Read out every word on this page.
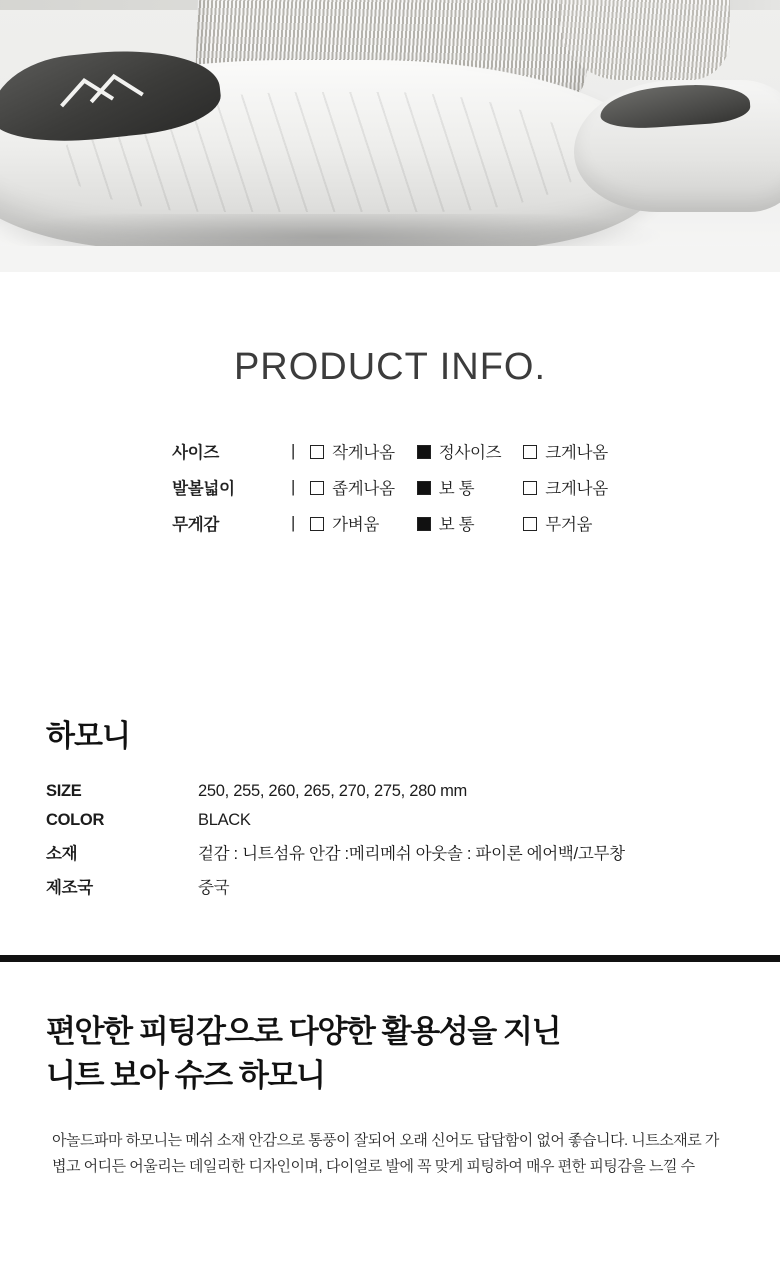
PRODUCT INFO.
사이즈	|	작게나옴	정사이즈	크게나옴
발볼넓이	|	좁게나옴	보 통	크게나옴
무게감	|	가벼움	보 통	무거움
하모니
SIZE	250, 255, 260, 265, 270, 275, 280 mm
COLOR	BLACK
소재	겉감 : 니트섬유 안감 :메리메쉬 아웃솔 : 파이론 에어백/고무창
제조국	중국
편안한 피팅감으로 다양한 활용성을 지닌
니트 보아 슈즈 하모니

아놀드파마 하모니는 메쉬 소재 안감으로 통풍이 잘되어 오래 신어도 답답함이 없어 좋습니다. 니트소재로 가볍고 어디든 어울리는 데일리한 디자인이며, 다이얼로 발에 꼭 맞게 피팅하여 매우 편한 피팅감을 느낄 수
